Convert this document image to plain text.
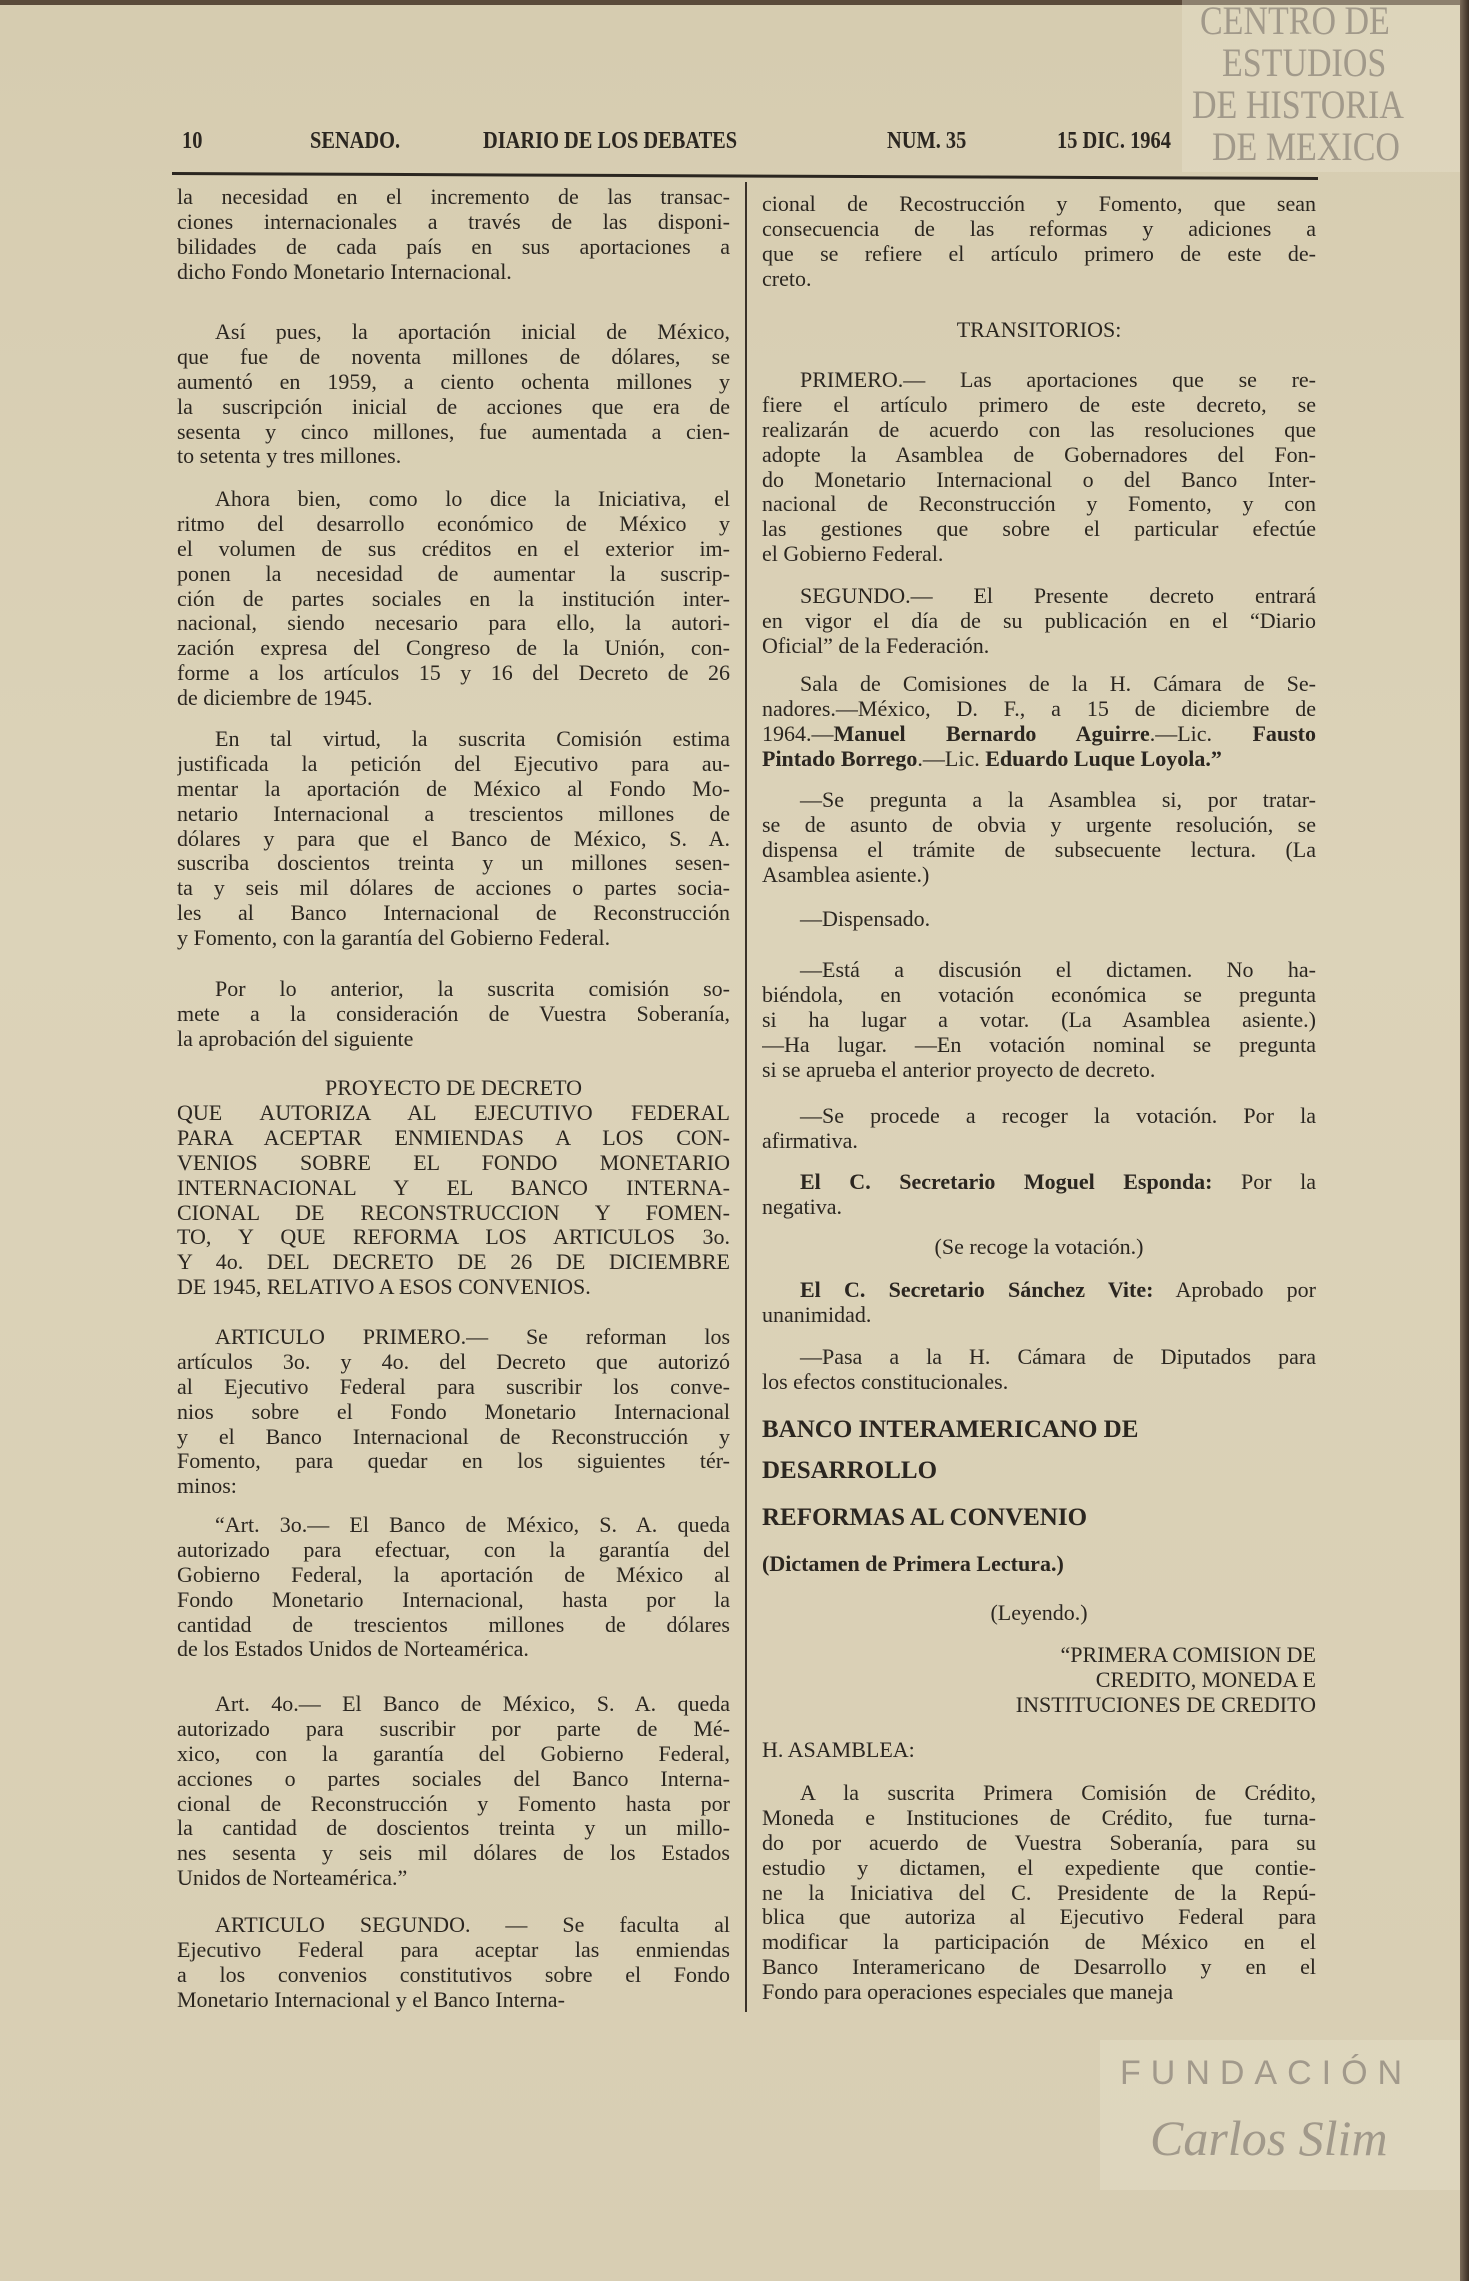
CENTRO DE
ESTUDIOS
DE HISTORIA
DE MEXICO
FUNDACIÓN
Carlos Slim
10	SENADO.	DIARIO DE LOS DEBATES	NUM. 35	15 DIC. 1964
la necesidad en el incremento de las transac-
ciones internacionales a través de las disponi-
bilidades de cada país en sus aportaciones a
dicho Fondo Monetario Internacional.
Así pues, la aportación inicial de México,
que fue de noventa millones de dólares, se
aumentó en 1959, a ciento ochenta millones y
la suscripción inicial de acciones que era de
sesenta y cinco millones, fue aumentada a cien-
to setenta y tres millones.
Ahora bien, como lo dice la Iniciativa, el
ritmo del desarrollo económico de México y
el volumen de sus créditos en el exterior im-
ponen la necesidad de aumentar la suscrip-
ción de partes sociales en la institución inter-
nacional, siendo necesario para ello, la autori-
zación expresa del Congreso de la Unión, con-
forme a los artículos 15 y 16 del Decreto de 26
de diciembre de 1945.
En tal virtud, la suscrita Comisión estima
justificada la petición del Ejecutivo para au-
mentar la aportación de México al Fondo Mo-
netario Internacional a trescientos millones de
dólares y para que el Banco de México, S. A.
suscriba doscientos treinta y un millones sesen-
ta y seis mil dólares de acciones o partes socia-
les al Banco Internacional de Reconstrucción
y Fomento, con la garantía del Gobierno Federal.
Por lo anterior, la suscrita comisión so-
mete a la consideración de Vuestra Soberanía,
la aprobación del siguiente
PROYECTO DE DECRETO
QUE AUTORIZA AL EJECUTIVO FEDERAL
PARA ACEPTAR ENMIENDAS A LOS CON-
VENIOS SOBRE EL FONDO MONETARIO
INTERNACIONAL Y EL BANCO INTERNA-
CIONAL DE RECONSTRUCCION Y FOMEN-
TO, Y QUE REFORMA LOS ARTICULOS 3o.
Y 4o. DEL DECRETO DE 26 DE DICIEMBRE
DE 1945, RELATIVO A ESOS CONVENIOS.
ARTICULO PRIMERO.— Se reforman los
artículos 3o. y 4o. del Decreto que autorizó
al Ejecutivo Federal para suscribir los conve-
nios sobre el Fondo Monetario Internacional
y el Banco Internacional de Reconstrucción y
Fomento, para quedar en los siguientes tér-
minos:
“Art. 3o.— El Banco de México, S. A. queda
autorizado para efectuar, con la garantía del
Gobierno Federal, la aportación de México al
Fondo Monetario Internacional, hasta por la
cantidad de trescientos millones de dólares
de los Estados Unidos de Norteamérica.
Art. 4o.— El Banco de México, S. A. queda
autorizado para suscribir por parte de Mé-
xico, con la garantía del Gobierno Federal,
acciones o partes sociales del Banco Interna-
cional de Reconstrucción y Fomento hasta por
la cantidad de doscientos treinta y un millo-
nes sesenta y seis mil dólares de los Estados
Unidos de Norteamérica.”
ARTICULO SEGUNDO. — Se faculta al
Ejecutivo Federal para aceptar las enmiendas
a los convenios constitutivos sobre el Fondo
Monetario Internacional y el Banco Interna-
cional de Recostrucción y Fomento, que sean
consecuencia de las reformas y adiciones a
que se refiere el artículo primero de este de-
creto.
TRANSITORIOS:
PRIMERO.— Las aportaciones que se re-
fiere el artículo primero de este decreto, se
realizarán de acuerdo con las resoluciones que
adopte la Asamblea de Gobernadores del Fon-
do Monetario Internacional o del Banco Inter-
nacional de Reconstrucción y Fomento, y con
las gestiones que sobre el particular efectúe
el Gobierno Federal.
SEGUNDO.— El Presente decreto entrará
en vigor el día de su publicación en el “Diario
Oficial” de la Federación.
Sala de Comisiones de la H. Cámara de Se-
nadores.—México, D. F., a 15 de diciembre de
1964.—Manuel Bernardo Aguirre.—Lic. Fausto
Pintado Borrego.—Lic. Eduardo Luque Loyola.”
—Se pregunta a la Asamblea si, por tratar-
se de asunto de obvia y urgente resolución, se
dispensa el trámite de subsecuente lectura. (La
Asamblea asiente.)
—Dispensado.
—Está a discusión el dictamen. No ha-
biéndola, en votación económica se pregunta
si ha lugar a votar. (La Asamblea asiente.)
—Ha lugar. —En votación nominal se pregunta
si se aprueba el anterior proyecto de decreto.
—Se procede a recoger la votación. Por la
afirmativa.
El C. Secretario Moguel Esponda: Por la
negativa.
(Se recoge la votación.)
El C. Secretario Sánchez Vite: Aprobado por
unanimidad.
—Pasa a la H. Cámara de Diputados para
los efectos constitucionales.
BANCO INTERAMERICANO DE
DESARROLLO
REFORMAS AL CONVENIO
(Dictamen de Primera Lectura.)
(Leyendo.)
“PRIMERA COMISION DE
CREDITO, MONEDA E
INSTITUCIONES DE CREDITO
H. ASAMBLEA:
A la suscrita Primera Comisión de Crédito,
Moneda e Instituciones de Crédito, fue turna-
do por acuerdo de Vuestra Soberanía, para su
estudio y dictamen, el expediente que contie-
ne la Iniciativa del C. Presidente de la Repú-
blica que autoriza al Ejecutivo Federal para
modificar la participación de México en el
Banco Interamericano de Desarrollo y en el
Fondo para operaciones especiales que maneja
